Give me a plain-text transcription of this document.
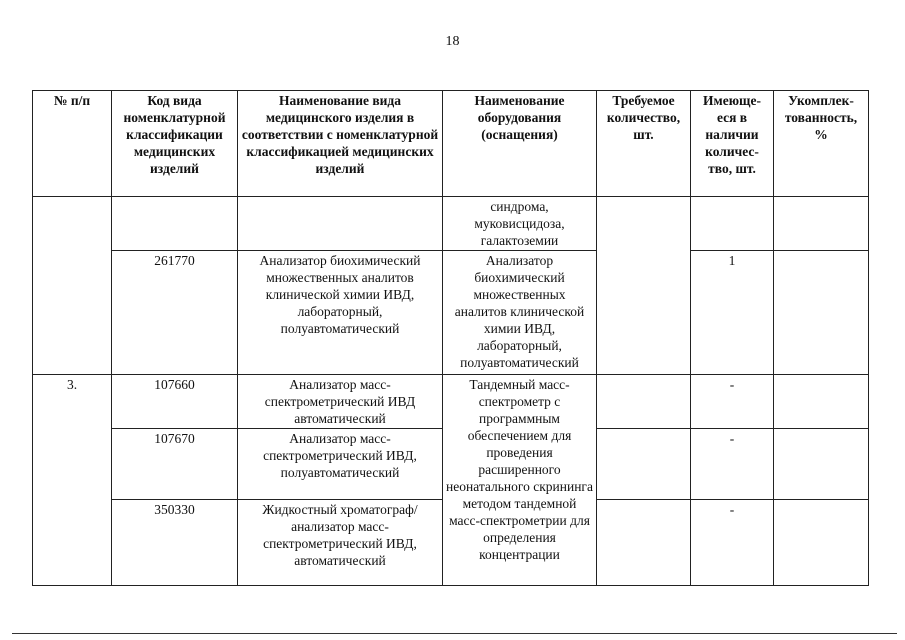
18
№ п/п	Код вида номенклатурной классификации медицинских изделий	Наименование вида медицинского изделия в соответствии с номенклатурной классификацией медицинских изделий	Наименование оборудования (оснащения)	Требуемое количество, шт.	Имеюще-еся в наличии количес-тво, шт.	Укомплек-тованность, %
			синдрома, муковисцидоза, галактоземии			
	261770	Анализатор биохимический множественных аналитов клинической химии ИВД, лабораторный, полуавтоматический	Анализатор биохимический множественных аналитов клинической химии ИВД, лабораторный, полуавтоматический		1	
3.	107660	Анализатор масс-спектрометрический ИВД автоматический	Тандемный масс-спектрометр с программным обеспечением для проведения расширенного неонатального скрининга методом тандемной масс-спектрометрии для определения концентрации		-	
	107670	Анализатор масс-спектрометрический ИВД, полуавтоматический			-	
	350330	Жидкостный хроматограф/анализатор масс-спектрометрический ИВД, автоматический			-	
